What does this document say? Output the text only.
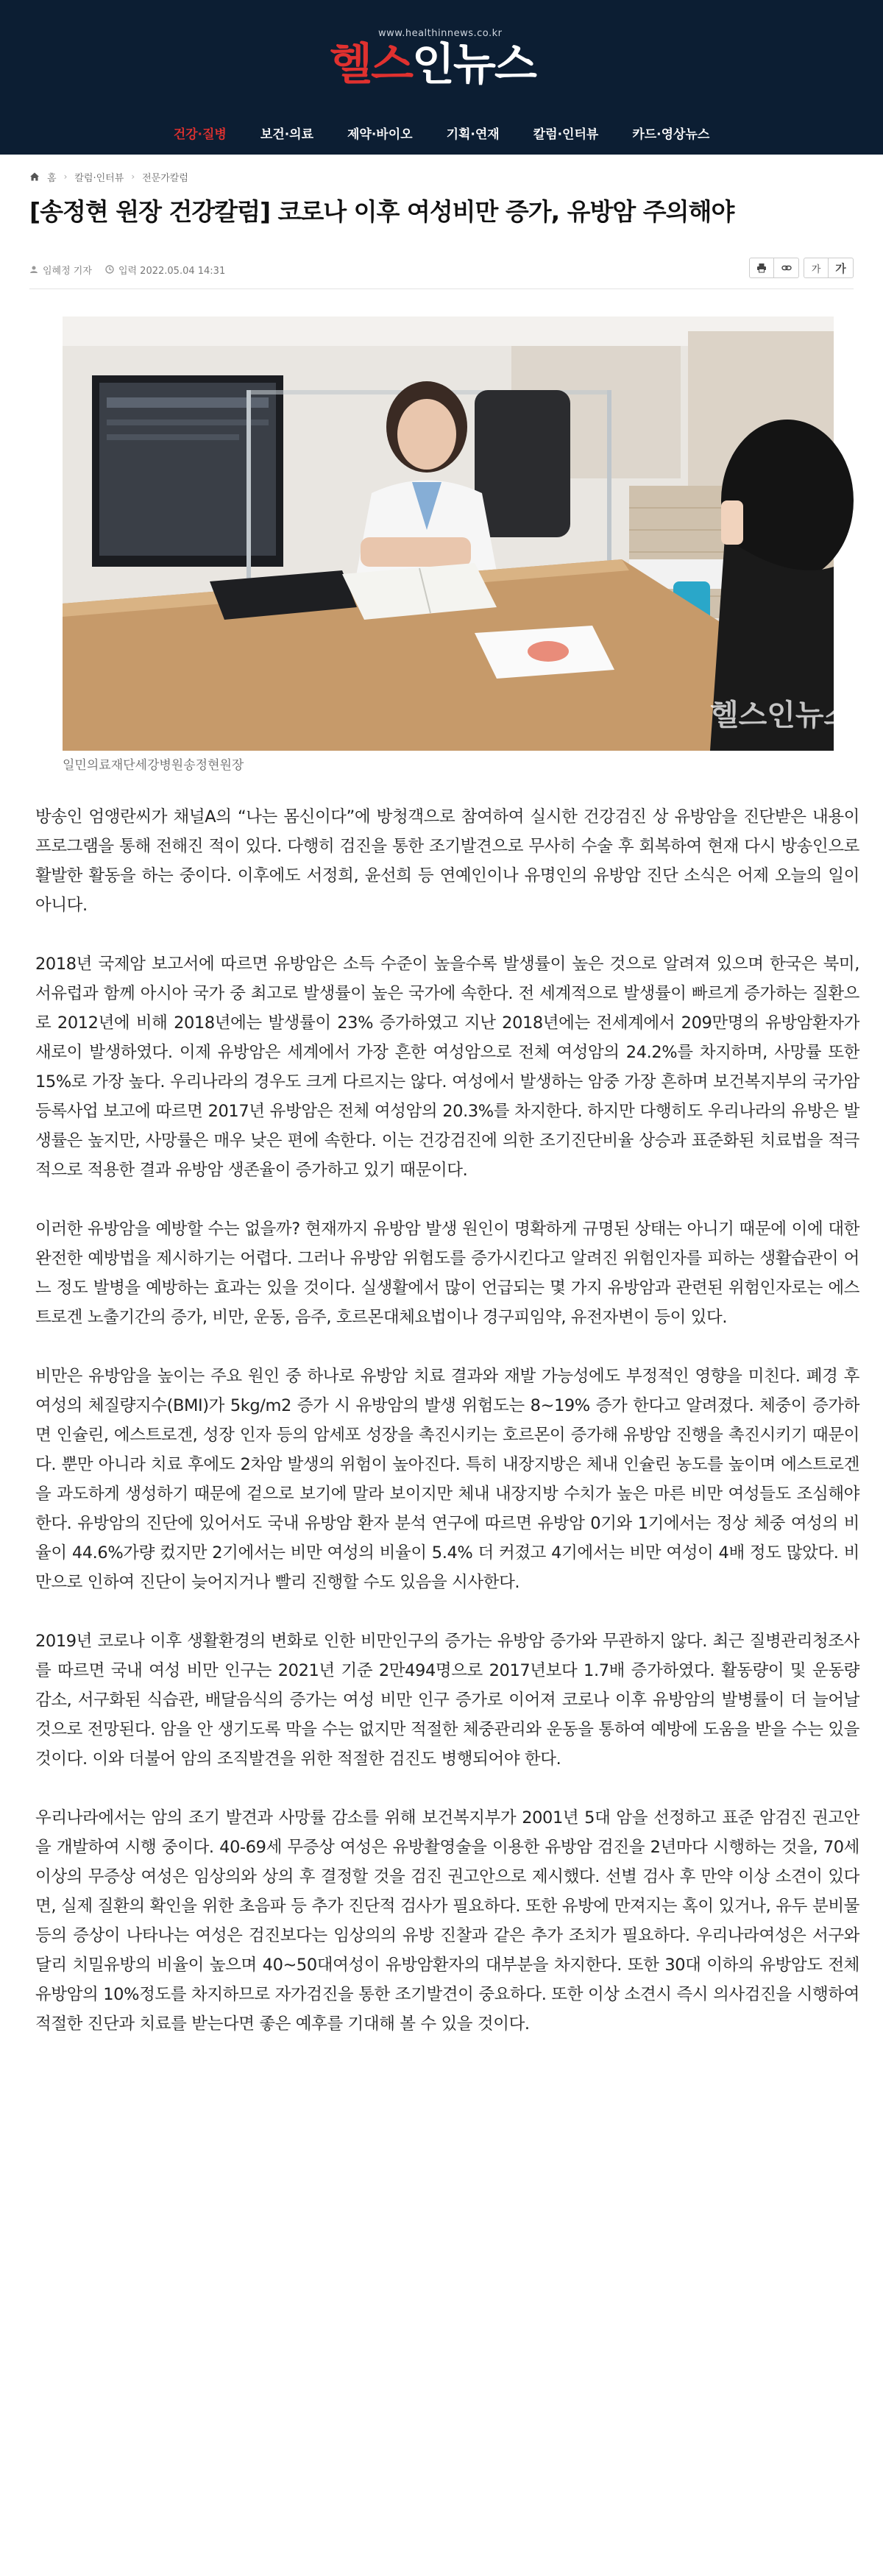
www.healthinnews.co.kr
헬스인뉴스
건강·질병	보건·의료	제약·바이오	기획·연재	칼럼·인터뷰	카드·영상뉴스
홈 › 칼럼·인터뷰 › 전문가칼럼
[송정현 원장 건강칼럼] 코로나 이후 여성비만 증가, 유방암 주의해야
임혜정 기자	입력 2022.05.04 14:31	가	가
헬스인뉴스
일민의료재단세강병원송정현원장

방송인 엄앵란씨가 채널A의 “나는 몸신이다”에 방청객으로 참여하여 실시한 건강검진 상 유방암을 진단받은 내용이 프로그램을 통해 전해진 적이 있다. 다행히 검진을 통한 조기발견으로 무사히 수술 후 회복하여 현재 다시 방송인으로 활발한 활동을 하는 중이다. 이후에도 서정희, 윤선희 등 연예인이나 유명인의 유방암 진단 소식은 어제 오늘의 일이 아니다.

2018년 국제암 보고서에 따르면 유방암은 소득 수준이 높을수록 발생률이 높은 것으로 알려져 있으며 한국은 북미, 서유럽과 함께 아시아 국가 중 최고로 발생률이 높은 국가에 속한다. 전 세계적으로 발생률이 빠르게 증가하는 질환으로 2012년에 비해 2018년에는 발생률이 23% 증가하였고 지난 2018년에는 전세계에서 209만명의 유방암환자가 새로이 발생하였다. 이제 유방암은 세계에서 가장 흔한 여성암으로 전체 여성암의 24.2%를 차지하며, 사망률 또한 15%로 가장 높다. 우리나라의 경우도 크게 다르지는 않다. 여성에서 발생하는 암중 가장 흔하며 보건복지부의 국가암등록사업 보고에 따르면 2017년 유방암은 전체 여성암의 20.3%를 차지한다. 하지만 다행히도 우리나라의 유방은 발생률은 높지만, 사망률은 매우 낮은 편에 속한다. 이는 건강검진에 의한 조기진단비율 상승과 표준화된 치료법을 적극적으로 적용한 결과 유방암 생존율이 증가하고 있기 때문이다.

이러한 유방암을 예방할 수는 없을까? 현재까지 유방암 발생 원인이 명확하게 규명된 상태는 아니기 때문에 이에 대한 완전한 예방법을 제시하기는 어렵다. 그러나 유방암 위험도를 증가시킨다고 알려진 위험인자를 피하는 생활습관이 어느 정도 발병을 예방하는 효과는 있을 것이다. 실생활에서 많이 언급되는 몇 가지 유방암과 관련된 위험인자로는 에스트로겐 노출기간의 증가, 비만, 운동, 음주, 호르몬대체요법이나 경구피임약, 유전자변이 등이 있다.

비만은 유방암을 높이는 주요 원인 중 하나로 유방암 치료 결과와 재발 가능성에도 부정적인 영향을 미친다. 폐경 후 여성의 체질량지수(BMI)가 5kg/m2 증가 시 유방암의 발생 위험도는 8~19% 증가 한다고 알려졌다. 체중이 증가하면 인슐린, 에스트로겐, 성장 인자 등의 암세포 성장을 촉진시키는 호르몬이 증가해 유방암 진행을 촉진시키기 때문이다. 뿐만 아니라 치료 후에도 2차암 발생의 위험이 높아진다. 특히 내장지방은 체내 인슐린 농도를 높이며 에스트로겐을 과도하게 생성하기 때문에 겉으로 보기에 말라 보이지만 체내 내장지방 수치가 높은 마른 비만 여성들도 조심해야 한다. 유방암의 진단에 있어서도 국내 유방암 환자 분석 연구에 따르면 유방암 0기와 1기에서는 정상 체중 여성의 비율이 44.6%가량 컸지만 2기에서는 비만 여성의 비율이 5.4% 더 커졌고 4기에서는 비만 여성이 4배 정도 많았다. 비만으로 인하여 진단이 늦어지거나 빨리 진행할 수도 있음을 시사한다.

2019년 코로나 이후 생활환경의 변화로 인한 비만인구의 증가는 유방암 증가와 무관하지 않다. 최근 질병관리청조사를 따르면 국내 여성 비만 인구는 2021년 기준 2만494명으로 2017년보다 1.7배 증가하였다. 활동량이 및 운동량 감소, 서구화된 식습관, 배달음식의 증가는 여성 비만 인구 증가로 이어져 코로나 이후 유방암의 발병률이 더 늘어날 것으로 전망된다. 암을 안 생기도록 막을 수는 없지만 적절한 체중관리와 운동을 통하여 예방에 도움을 받을 수는 있을 것이다. 이와 더불어 암의 조직발견을 위한 적절한 검진도 병행되어야 한다.

우리나라에서는 암의 조기 발견과 사망률 감소를 위해 보건복지부가 2001년 5대 암을 선정하고 표준 암검진 권고안을 개발하여 시행 중이다. 40-69세 무증상 여성은 유방촬영술을 이용한 유방암 검진을 2년마다 시행하는 것을, 70세 이상의 무증상 여성은 임상의와 상의 후 결정할 것을 검진 권고안으로 제시했다. 선별 검사 후 만약 이상 소견이 있다면, 실제 질환의 확인을 위한 초음파 등 추가 진단적 검사가 필요하다. 또한 유방에 만져지는 혹이 있거나, 유두 분비물 등의 증상이 나타나는 여성은 검진보다는 임상의의 유방 진찰과 같은 추가 조치가 필요하다. 우리나라여성은 서구와 달리 치밀유방의 비율이 높으며 40~50대여성이 유방암환자의 대부분을 차지한다. 또한 30대 이하의 유방암도 전체 유방암의 10%정도를 차지하므로 자가검진을 통한 조기발견이 중요하다. 또한 이상 소견시 즉시 의사검진을 시행하여 적절한 진단과 치료를 받는다면 좋은 예후를 기대해 볼 수 있을 것이다.
